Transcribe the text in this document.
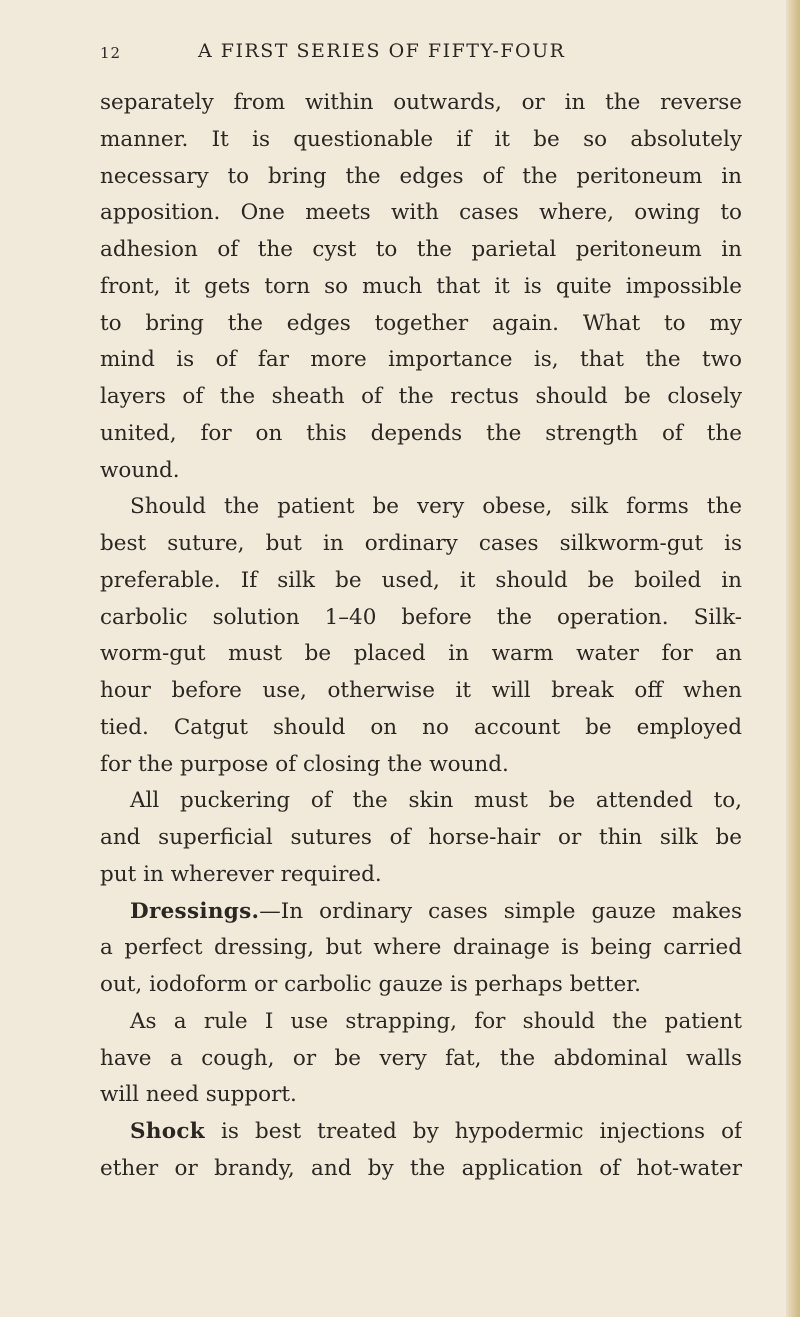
12	A FIRST SERIES OF FIFTY-FOUR
separately from within outwards, or in the reverse
manner. It is questionable if it be so absolutely
necessary to bring the edges of the peritoneum in
apposition. One meets with cases where, owing to
adhesion of the cyst to the parietal peritoneum in
front, it gets torn so much that it is quite impossible
to bring the edges together again. What to my
mind is of far more importance is, that the two
layers of the sheath of the rectus should be closely
united, for on this depends the strength of the
wound.
Should the patient be very obese, silk forms the
best suture, but in ordinary cases silkworm-gut is
preferable. If silk be used, it should be boiled in
carbolic solution 1–40 before the operation. Silk-
worm-gut must be placed in warm water for an
hour before use, otherwise it will break off when
tied. Catgut should on no account be employed
for the purpose of closing the wound.
All puckering of the skin must be attended to,
and superficial sutures of horse-hair or thin silk be
put in wherever required.
Dressings.—In ordinary cases simple gauze makes
a perfect dressing, but where drainage is being carried
out, iodoform or carbolic gauze is perhaps better.
As a rule I use strapping, for should the patient
have a cough, or be very fat, the abdominal walls
will need support.
Shock is best treated by hypodermic injections of
ether or brandy, and by the application of hot-water
